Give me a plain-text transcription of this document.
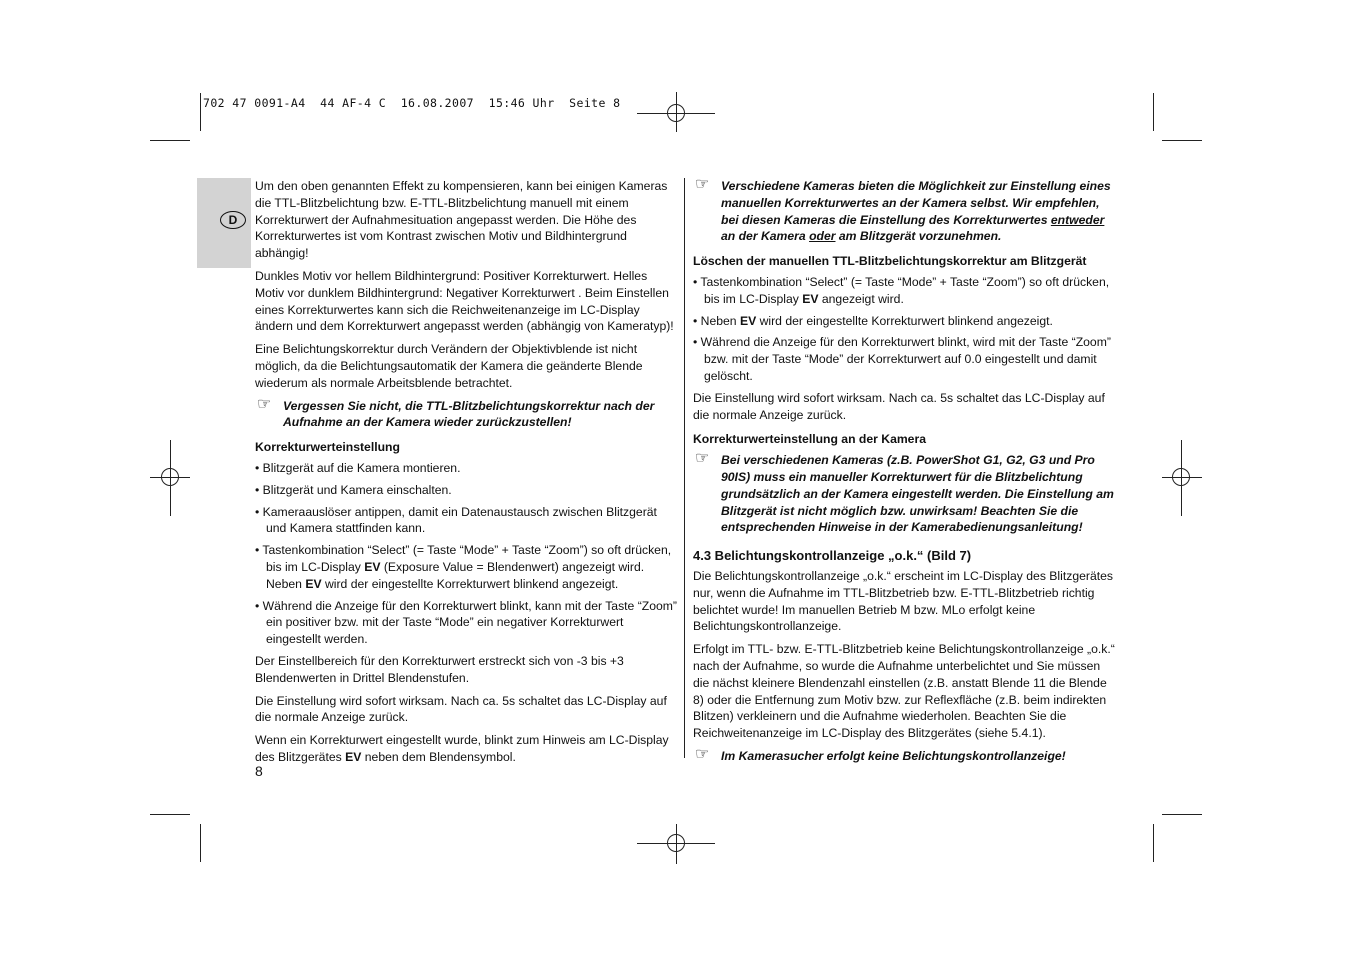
702 47 0091-A4  44 AF-4 C  16.08.2007  15:46 Uhr  Seite 8
D

Um den oben genannten Effekt zu kompensieren, kann bei einigen Kameras die TTL-Blitzbelichtung bzw. E-TTL-Blitzbelichtung manuell mit einem Korrekturwert der Aufnahmesituation angepasst werden. Die Höhe des Korrekturwertes ist vom Kontrast zwischen Motiv und Bildhintergrund abhängig!

Dunkles Motiv vor hellem Bildhintergrund: Positiver Korrekturwert. Helles Motiv vor dunklem Bildhintergrund: Negativer Korrekturwert . Beim Einstellen eines Korrekturwertes kann sich die Reichweitenanzeige im LC-Display ändern und dem Korrekturwert angepasst werden (abhängig von Kameratyp)!

Eine Belichtungskorrektur durch Verändern der Objektivblende ist nicht möglich, da die Belichtungsautomatik der Kamera die geänderte Blende wiederum als normale Arbeitsblende betrachtet.

☞ Vergessen Sie nicht, die TTL-Blitzbelichtungskorrektur nach der Aufnahme an der Kamera wieder zurückzustellen!
Korrekturwerteinstellung
• Blitzgerät auf die Kamera montieren.
• Blitzgerät und Kamera einschalten.
• Kameraauslöser antippen, damit ein Datenaustausch zwischen Blitzgerät und Kamera stattfinden kann.
• Tastenkombination “Select” (= Taste “Mode” + Taste “Zoom”) so oft drücken, bis im LC-Display EV (Exposure Value = Blendenwert) angezeigt wird. Neben EV wird der eingestellte Korrekturwert blinkend angezeigt.
• Während die Anzeige für den Korrekturwert blinkt, kann mit der Taste “Zoom” ein positiver bzw. mit der Taste “Mode” ein negativer Korrekturwert eingestellt werden.

Der Einstellbereich für den Korrekturwert erstreckt sich von -3 bis +3 Blendenwerten in Drittel Blendenstufen.

Die Einstellung wird sofort wirksam. Nach ca. 5s schaltet das LC-Display auf die normale Anzeige zurück.

Wenn ein Korrekturwert eingestellt wurde, blinkt zum Hinweis am LC-Display des Blitzgerätes EV neben dem Blendensymbol.

☞ Verschiedene Kameras bieten die Möglichkeit zur Einstellung eines manuellen Korrekturwertes an der Kamera selbst. Wir empfehlen, bei diesen Kameras die Einstellung des Korrekturwertes entweder an der Kamera oder am Blitzgerät vorzunehmen.
Löschen der manuellen TTL-Blitzbelichtungskorrektur am Blitzgerät
• Tastenkombination “Select” (= Taste “Mode” + Taste “Zoom”) so oft drücken, bis im LC-Display EV angezeigt wird.
• Neben EV wird der eingestellte Korrekturwert blinkend angezeigt.
• Während die Anzeige für den Korrekturwert blinkt, wird mit der Taste “Zoom” bzw. mit der Taste “Mode” der Korrekturwert auf 0.0 eingestellt und damit gelöscht.

Die Einstellung wird sofort wirksam. Nach ca. 5s schaltet das LC-Display auf die normale Anzeige zurück.

Korrekturwerteinstellung an der Kamera
☞ Bei verschiedenen Kameras (z.B. PowerShot G1, G2, G3 und Pro 90IS) muss ein manueller Korrekturwert für die Blitzbelichtung grundsätzlich an der Kamera eingestellt werden. Die Einstellung am Blitzgerät ist nicht möglich bzw. unwirksam! Beachten Sie die entsprechenden Hinweise in der Kamerabedienungsanleitung!
4.3 Belichtungskontrollanzeige „o.k.“ (Bild 7)

Die Belichtungskontrollanzeige „o.k.“ erscheint im LC-Display des Blitzgerätes nur, wenn die Aufnahme im TTL-Blitzbetrieb bzw. E-TTL-Blitzbetrieb richtig belichtet wurde! Im manuellen Betrieb M bzw. MLo erfolgt keine Belichtungskontrollanzeige.

Erfolgt im TTL- bzw. E-TTL-Blitzbetrieb keine Belichtungskontrollanzeige „o.k.“ nach der Aufnahme, so wurde die Aufnahme unterbelichtet und Sie müssen die nächst kleinere Blendenzahl einstellen (z.B. anstatt Blende 11 die Blende 8) oder die Entfernung zum Motiv bzw. zur Reflexfläche (z.B. beim indirekten Blitzen) verkleinern und die Aufnahme wiederholen. Beachten Sie die Reichweitenanzeige im LC-Display des Blitzgerätes (siehe 5.4.1).

☞ Im Kamerasucher erfolgt keine Belichtungskontrollanzeige!
8
